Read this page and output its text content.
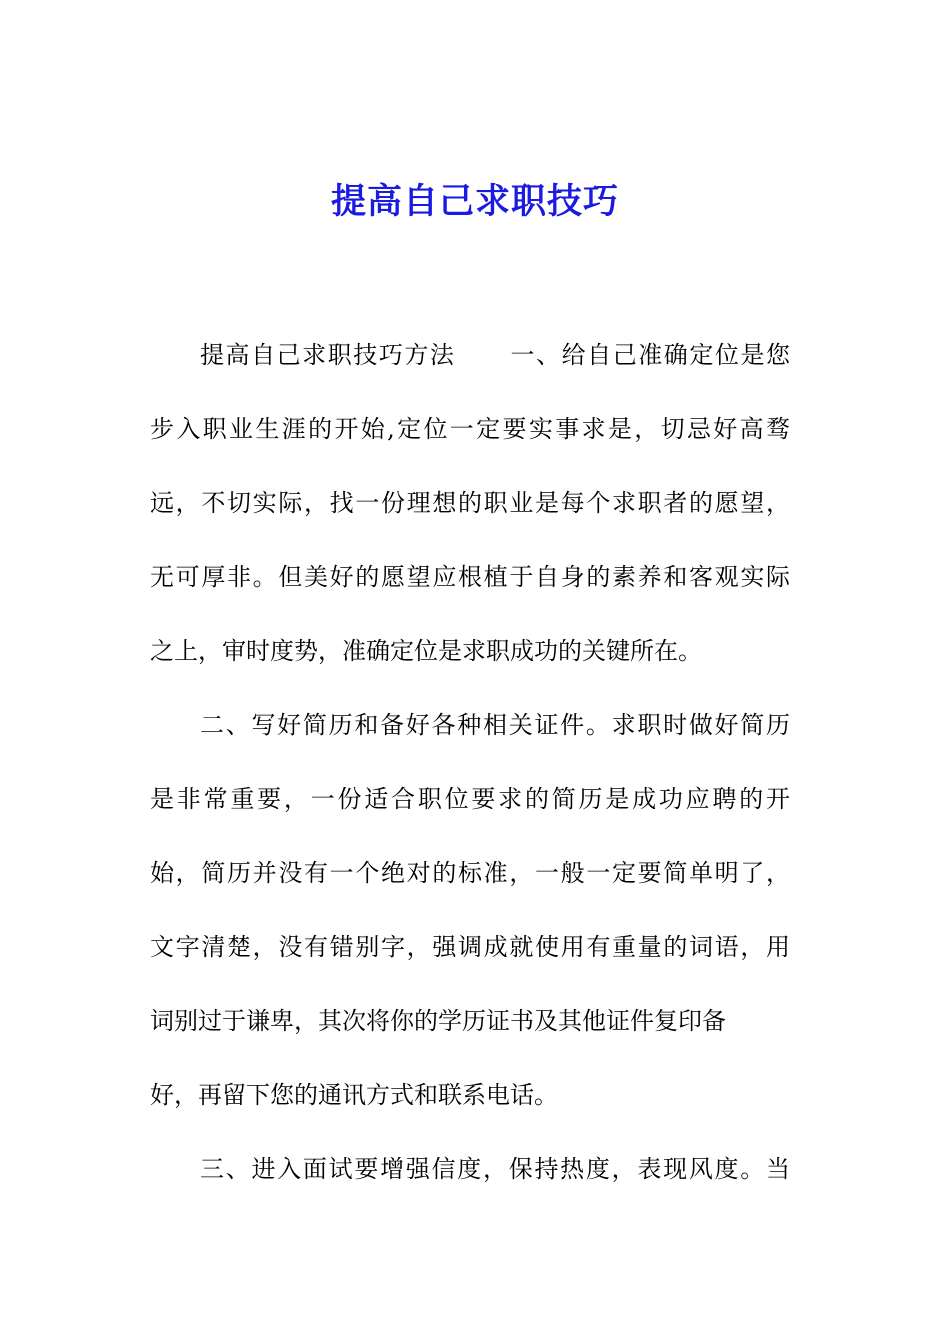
提高自己求职技巧
提高自己求职技巧方法      一、给自己准确定位是您
步入职业生涯的开始,定位一定要实事求是，切忌好高骛
远，不切实际，找一份理想的职业是每个求职者的愿望，
无可厚非。但美好的愿望应根植于自身的素养和客观实际
之上，审时度势，准确定位是求职成功的关键所在。
二、写好简历和备好各种相关证件。求职时做好简历
是非常重要，一份适合职位要求的简历是成功应聘的开
始，简历并没有一个绝对的标准，一般一定要简单明了，
文字清楚，没有错别字，强调成就使用有重量的词语，用
词别过于谦卑，其次将你的学历证书及其他证件复印备
好，再留下您的通讯方式和联系电话。
三、进入面试要增强信度，保持热度，表现风度。当
